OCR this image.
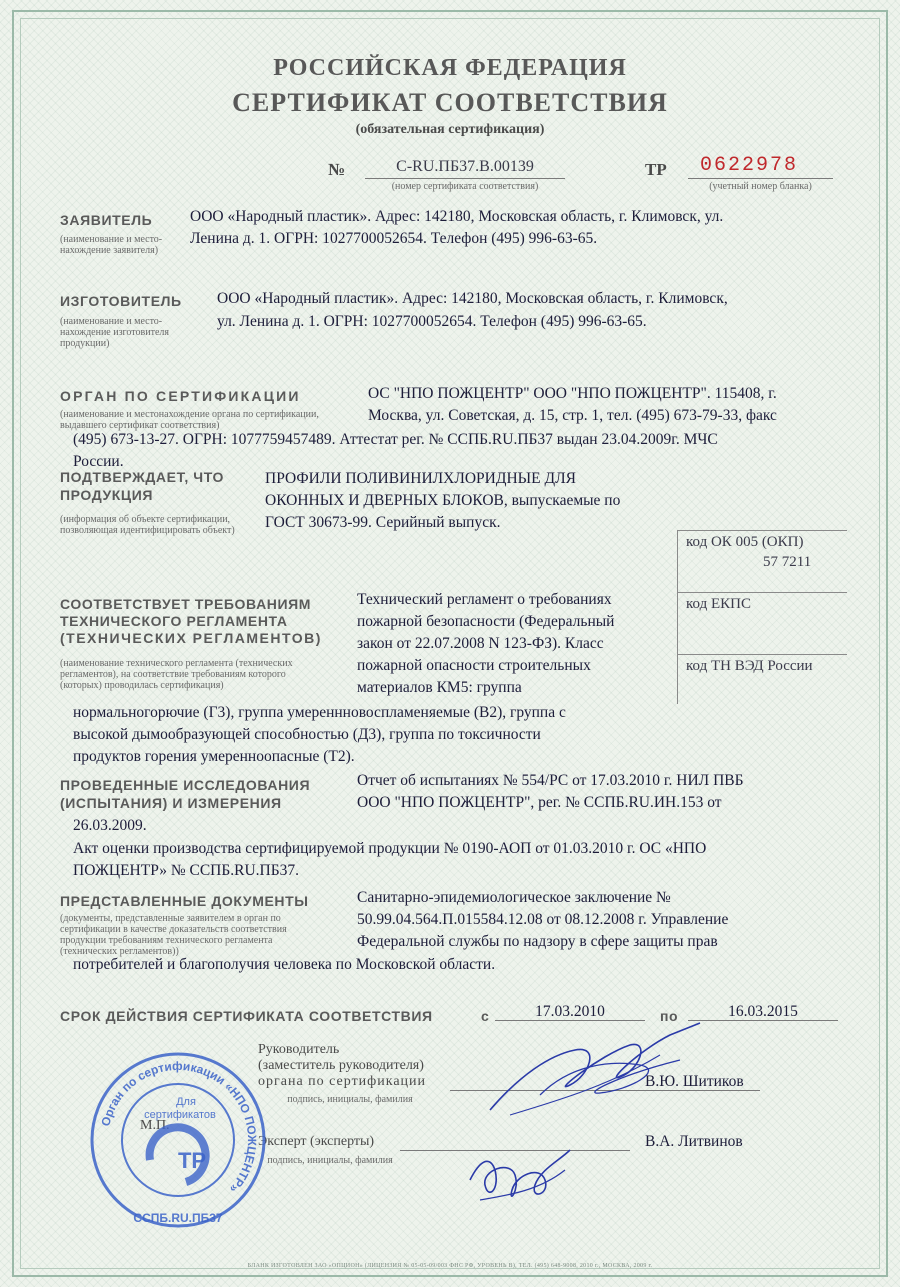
РОССИЙСКАЯ ФЕДЕРАЦИЯ
СЕРТИФИКАТ СООТВЕТСТВИЯ
(обязательная сертификация)
№	C-RU.ПБ37.В.00139
(номер сертификата соответствия)
ТР 0622978
(учетный номер бланка)
ЗАЯВИТЕЛЬ
(наименование и место-нахождение заявителя)
ООО «Народный пластик». Адрес: 142180, Московская область, г. Климовск, ул.
Ленина д. 1. ОГРН: 1027700052654. Телефон (495) 996-63-65.
ИЗГОТОВИТЕЛЬ
(наименование и место-нахождение изготовителя продукции)
ООО «Народный пластик». Адрес: 142180, Московская область, г. Климовск,
ул. Ленина д. 1. ОГРН: 1027700052654. Телефон (495) 996-63-65.
ОРГАН ПО СЕРТИФИКАЦИИ
(наименование и местонахождение органа по сертификации, выдавшего сертификат соответствия)
ОС "НПО ПОЖЦЕНТР" ООО "НПО ПОЖЦЕНТР". 115408, г.
Москва, ул. Советская, д. 15, стр. 1, тел. (495) 673-79-33, факс
(495) 673-13-27. ОГРН: 1077759457489. Аттестат рег. № ССПБ.RU.ПБ37 выдан 23.04.2009г. МЧС
России.
ПОДТВЕРЖДАЕТ, ЧТО
ПРОДУКЦИЯ
(информация об объекте сертификации, позволяющая идентифицировать объект)
ПРОФИЛИ ПОЛИВИНИЛХЛОРИДНЫЕ ДЛЯ
ОКОННЫХ И ДВЕРНЫХ БЛОКОВ, выпускаемые по
ГОСТ 30673-99. Серийный выпуск.
код ОК 005 (ОКП)
57 7211
код ЕКПС
код ТН ВЭД России
СООТВЕТСТВУЕТ ТРЕБОВАНИЯМ
ТЕХНИЧЕСКОГО РЕГЛАМЕНТА
(ТЕХНИЧЕСКИХ РЕГЛАМЕНТОВ)
(наименование технического регламента (технических регламентов), на соответствие требованиям которого (которых) проводилась сертификация)
Технический регламент о требованиях
пожарной безопасности (Федеральный
закон от 22.07.2008 N 123-ФЗ). Класс
пожарной опасности строительных
материалов КМ5: группа
нормальногорючие (Г3), группа умереннновоспламеняемые (В2), группа с
высокой дымообразующей способностью (Д3), группа по токсичности
продуктов горения умеренноопасные (Т2).
ПРОВЕДЕННЫЕ ИССЛЕДОВАНИЯ
(ИСПЫТАНИЯ) И ИЗМЕРЕНИЯ
Отчет об испытаниях № 554/РС от 17.03.2010 г. НИЛ ПВБ
ООО "НПО ПОЖЦЕНТР", рег. № ССПБ.RU.ИН.153 от
26.03.2009.
Акт оценки производства сертифицируемой продукции № 0190-АОП от 01.03.2010 г. ОС «НПО
ПОЖЦЕНТР» № ССПБ.RU.ПБ37.
ПРЕДСТАВЛЕННЫЕ ДОКУМЕНТЫ
(документы, представленные заявителем в орган по сертификации в качестве доказательств соответствия продукции требованиям технического регламента (технических регламентов))
Санитарно-эпидемиологическое заключение №
50.99.04.564.П.015584.12.08 от 08.12.2008 г. Управление
Федеральной службы по надзору в сфере защиты прав
потребителей и благополучия человека по Московской области.
СРОК ДЕЙСТВИЯ СЕРТИФИКАТА СООТВЕТСТВИЯ	с	17.03.2010	по	16.03.2015
Руководитель
(заместитель руководителя)
органа по сертификации
подпись, инициалы, фамилия
В.Ю. Шитиков
М.П.
Эксперт (эксперты)
подпись, инициалы, фамилия
В.А. Литвинов
Орган по сертификации «НПО ПОЖЦЕНТР»
ССПБ.RU.ПБ37
Для
сертификатов
ТР
БЛАНК ИЗГОТОВЛЕН ЗАО «ОПЦИОН» (ЛИЦЕНЗИЯ № 05-05-09/003 ФНС РФ, УРОВЕНЬ В), ТЕЛ. (495) 648-9008, 2010 г., МОСКВА, 2009 г.
